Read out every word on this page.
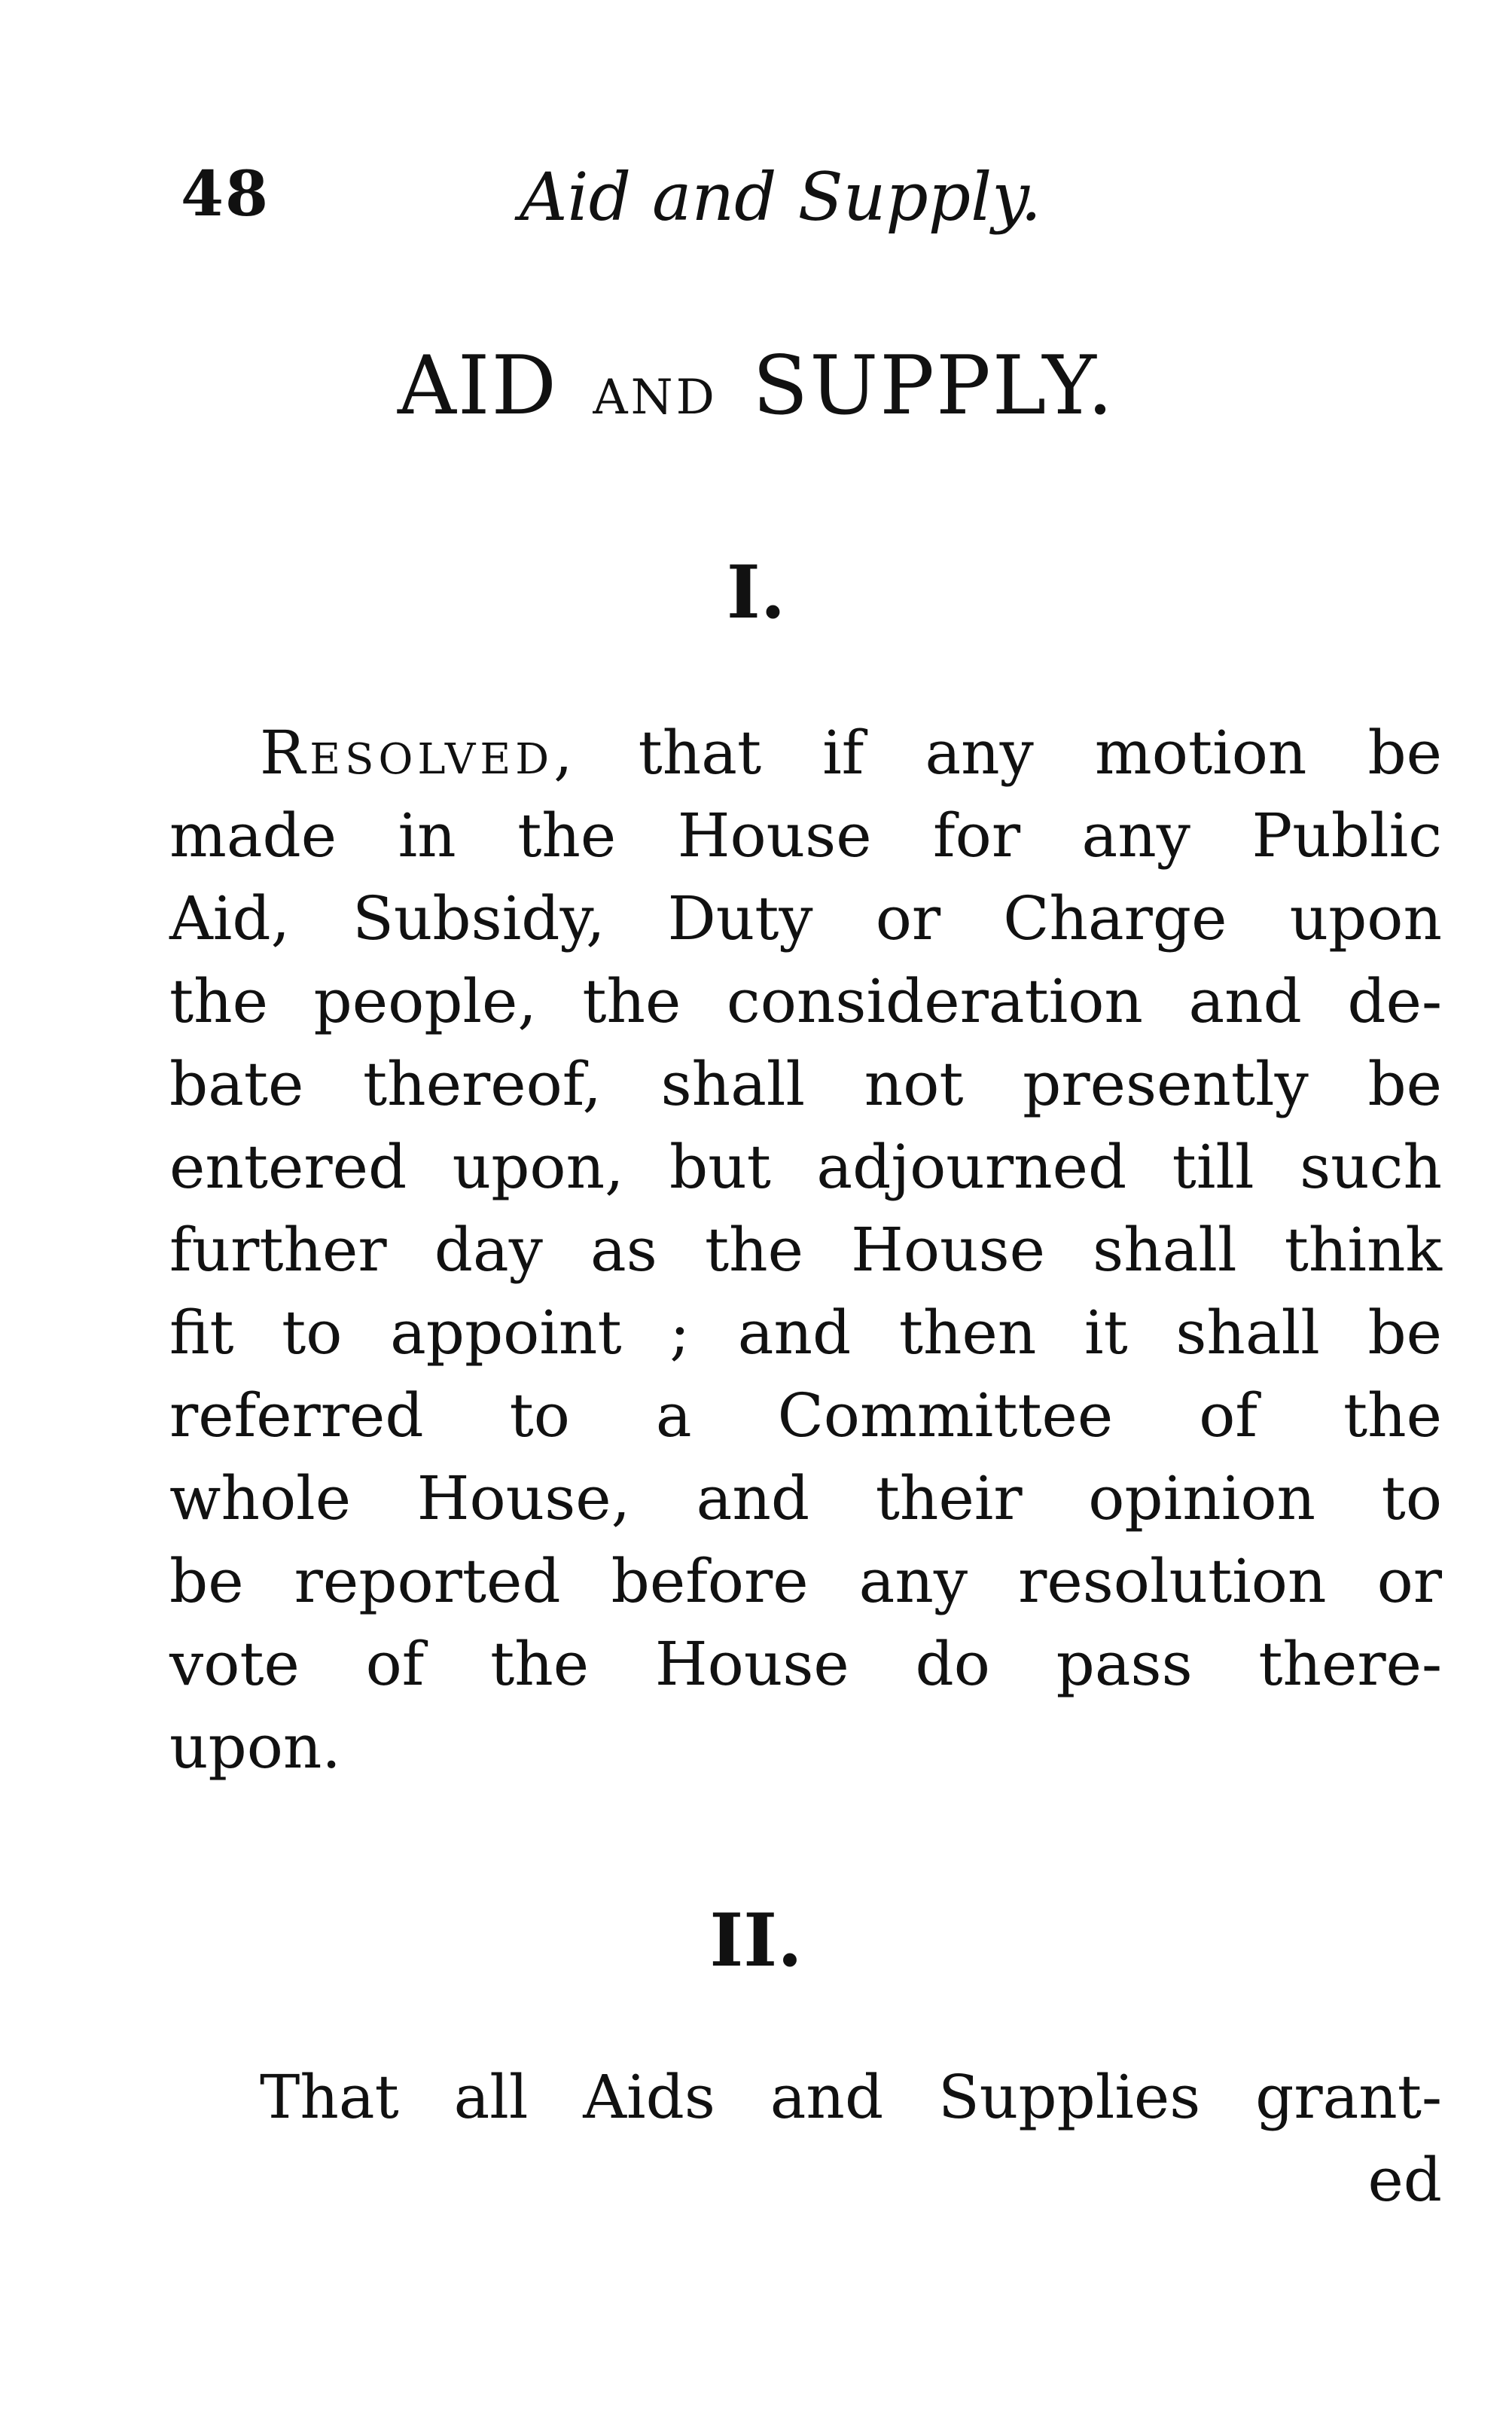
48	Aid and Supply.
AID AND SUPPLY.
I.
Resolved, that if any motion be
made in the House for any Public
Aid, Subsidy, Duty or Charge upon
the people, the consideration and de-
bate thereof, shall not presently be
entered upon, but adjourned till such
further day as the House shall think
fit to appoint ; and then it shall be
referred to a Committee of the
whole House, and their opinion to
be reported before any resolution or
vote of the House do pass there-
upon.
II.
That all Aids and Supplies grant-
ed
